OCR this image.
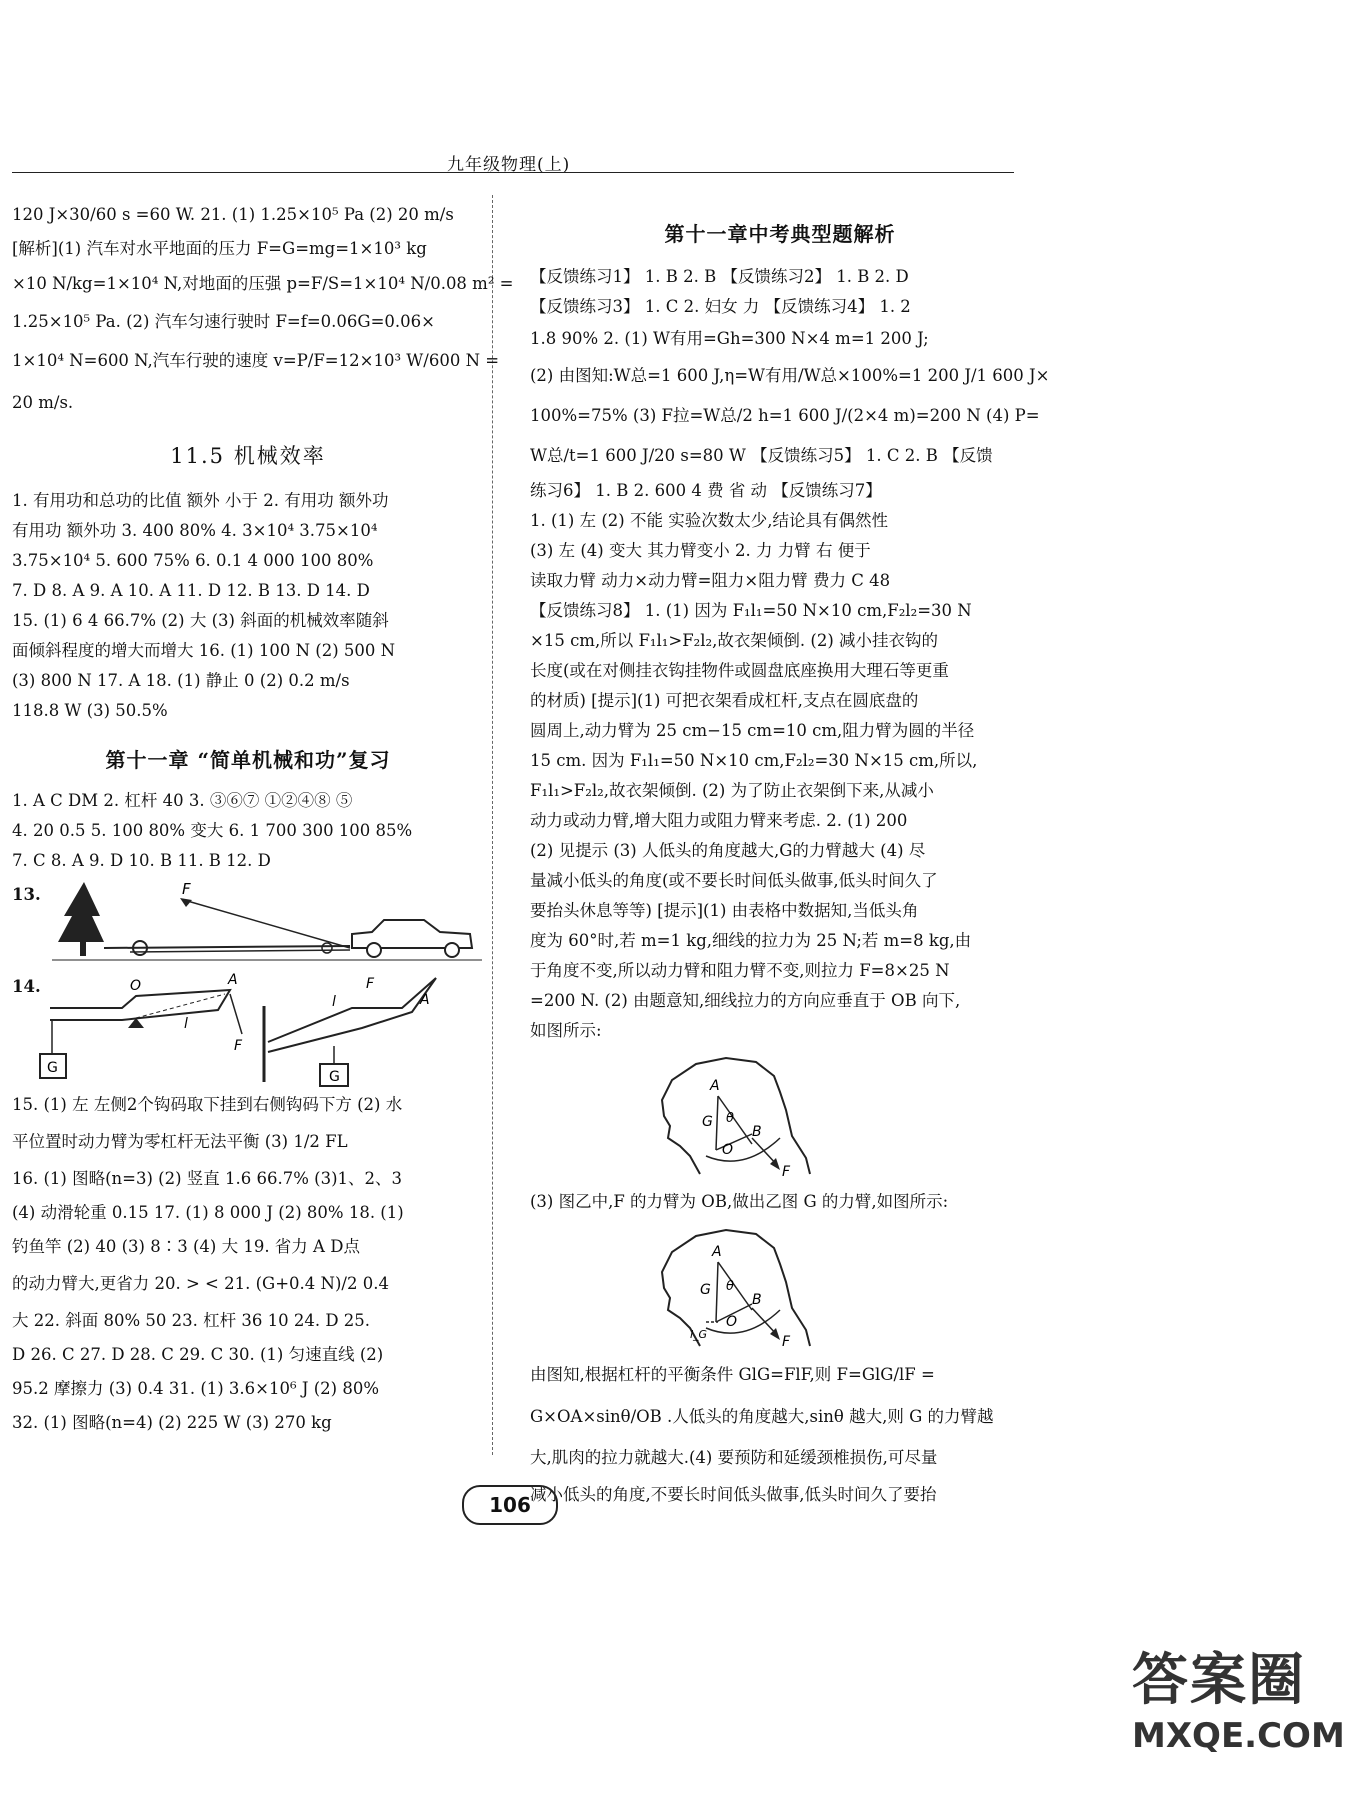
九年级物理(上)

120 J×30/60 s =60 W. 21. (1) 1.25×10⁵ Pa (2) 20 m/s

[解析](1) 汽车对水平地面的压力 F=G=mg=1×10³ kg

×10 N/kg=1×10⁴ N,对地面的压强 p=F/S=1×10⁴ N/0.08 m² =

1.25×10⁵ Pa. (2) 汽车匀速行驶时 F=f=0.06G=0.06×

1×10⁴ N=600 N,汽车行驶的速度 v=P/F=12×10³ W/600 N =

20 m/s.

11.5 机械效率

1. 有用功和总功的比值 额外 小于 2. 有用功 额外功

有用功 额外功 3. 400 80% 4. 3×10⁴ 3.75×10⁴

3.75×10⁴ 5. 600 75% 6. 0.1 4 000 100 80%

7. D 8. A 9. A 10. A 11. D 12. B 13. D 14. D

15. (1) 6 4 66.7% (2) 大 (3) 斜面的机械效率随斜

面倾斜程度的增大而增大 16. (1) 100 N (2) 500 N

(3) 800 N 17. A 18. (1) 静止 0 (2) 0.2 m/s

118.8 W (3) 50.5%

第十一章 “简单机械和功”复习

1. A C DM 2. 杠杆 40 3. ③⑥⑦ ①②④⑧ ⑤

4. 20 0.5 5. 100 80% 变大 6. 1 700 300 100 85%

7. C 8. A 9. D 10. B 11. B 12. D

13.	F
14.
G
O	A
l
F
G
l
F
A

15. (1) 左 左侧2个钩码取下挂到右侧钩码下方 (2) 水

平位置时动力臂为零杠杆无法平衡 (3) 1/2 FL

16. (1) 图略(n=3) (2) 竖直 1.6 66.7% (3)1、2、3

(4) 动滑轮重 0.15 17. (1) 8 000 J (2) 80% 18. (1)

钓鱼竿 (2) 40 (3) 8∶3 (4) 大 19. 省力 A D点

的动力臂大,更省力 20. > < 21. (G+0.4 N)/2 0.4

大 22. 斜面 80% 50 23. 杠杆 36 10 24. D 25.

D 26. C 27. D 28. C 29. C 30. (1) 匀速直线 (2)

95.2 摩擦力 (3) 0.4 31. (1) 3.6×10⁶ J (2) 80%

32. (1) 图略(n=4) (2) 225 W (3) 270 kg

第十一章中考典型题解析

【反馈练习1】 1. B 2. B 【反馈练习2】 1. B 2. D

【反馈练习3】 1. C 2. 妇女 力 【反馈练习4】 1. 2

1.8 90% 2. (1) W有用=Gh=300 N×4 m=1 200 J;

(2) 由图知:W总=1 600 J,η=W有用/W总×100%=1 200 J/1 600 J×

100%=75% (3) F拉=W总/2 h=1 600 J/(2×4 m)=200 N (4) P=

W总/t=1 600 J/20 s=80 W 【反馈练习5】 1. C 2. B 【反馈

练习6】 1. B 2. 600 4 费 省 动 【反馈练习7】

1. (1) 左 (2) 不能 实验次数太少,结论具有偶然性

(3) 左 (4) 变大 其力臂变小 2. 力 力臂 右 便于

读取力臂 动力×动力臂=阻力×阻力臂 费力 C 48

【反馈练习8】 1. (1) 因为 F₁l₁=50 N×10 cm,F₂l₂=30 N

×15 cm,所以 F₁l₁>F₂l₂,故衣架倾倒. (2) 减小挂衣钩的

长度(或在对侧挂衣钩挂物件或圆盘底座换用大理石等更重

的材质) [提示](1) 可把衣架看成杠杆,支点在圆底盘的

圆周上,动力臂为 25 cm−15 cm=10 cm,阻力臂为圆的半径

15 cm. 因为 F₁l₁=50 N×10 cm,F₂l₂=30 N×15 cm,所以,

F₁l₁>F₂l₂,故衣架倾倒. (2) 为了防止衣架倒下来,从减小

动力或动力臂,增大阻力或阻力臂来考虑. 2. (1) 200

(2) 见提示 (3) 人低头的角度越大,G的力臂越大 (4) 尽

量减小低头的角度(或不要长时间低头做事,低头时间久了

要抬头休息等等) [提示](1) 由表格中数据知,当低头角

度为 60°时,若 m=1 kg,细线的拉力为 25 N;若 m=8 kg,由

于角度不变,所以动力臂和阻力臂不变,则拉力 F=8×25 N

=200 N. (2) 由题意知,细线拉力的方向应垂直于 OB 向下,

如图所示:

A
G θ
B
O
F

(3) 图乙中,F 的力臂为 OB,做出乙图 G 的力臂,如图所示:

A
G θ
B
O
l_G	F

由图知,根据杠杆的平衡条件 GlG=FlF,则 F=GlG/lF =

G×OA×sinθ/OB .人低头的角度越大,sinθ 越大,则 G 的力臂越

大,肌肉的拉力就越大.(4) 要预防和延缓颈椎损伤,可尽量

减小低头的角度,不要长时间低头做事,低头时间久了要抬

106
答案圈
MXQE.COM
